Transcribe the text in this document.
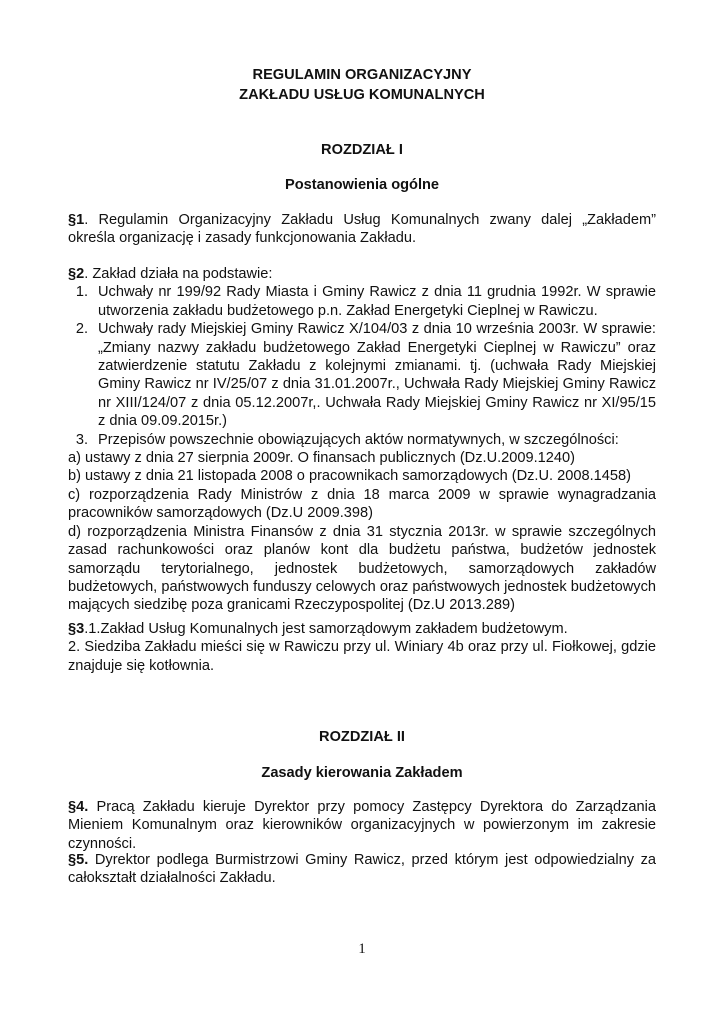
REGULAMIN ORGANIZACYJNY
ZAKŁADU USŁUG KOMUNALNYCH
ROZDZIAŁ I
Postanowienia ogólne
§1. Regulamin Organizacyjny Zakładu Usług Komunalnych zwany dalej „Zakładem” określa organizację i zasady funkcjonowania Zakładu.
§2. Zakład działa na podstawie:
1. Uchwały nr 199/92 Rady Miasta i Gminy Rawicz z dnia 11 grudnia 1992r. W sprawie utworzenia zakładu budżetowego p.n. Zakład Energetyki Cieplnej w Rawiczu.
2. Uchwały rady Miejskiej Gminy Rawicz X/104/03 z dnia 10 września 2003r. W sprawie: „Zmiany nazwy zakładu budżetowego Zakład Energetyki Cieplnej w Rawiczu” oraz zatwierdzenie statutu Zakładu z kolejnymi zmianami. tj. (uchwała Rady Miejskiej Gminy Rawicz nr IV/25/07 z dnia 31.01.2007r., Uchwała Rady Miejskiej Gminy Rawicz nr XIII/124/07 z dnia 05.12.2007r,. Uchwała Rady Miejskiej Gminy Rawicz nr XI/95/15 z dnia 09.09.2015r.)
3. Przepisów powszechnie obowiązujących aktów normatywnych, w szczególności:
a) ustawy z dnia 27 sierpnia 2009r. O finansach publicznych (Dz.U.2009.1240)
b) ustawy z dnia 21 listopada 2008 o pracownikach samorządowych (Dz.U. 2008.1458)
c) rozporządzenia Rady Ministrów z dnia 18 marca 2009 w sprawie wynagradzania pracowników samorządowych (Dz.U 2009.398)
d) rozporządzenia Ministra Finansów z dnia 31 stycznia 2013r. w sprawie szczególnych zasad rachunkowości oraz planów kont dla budżetu państwa, budżetów jednostek samorządu terytorialnego, jednostek budżetowych, samorządowych zakładów budżetowych, państwowych funduszy celowych oraz państwowych jednostek budżetowych mających siedzibę poza granicami Rzeczypospolitej (Dz.U 2013.289)
§3.1.Zakład Usług Komunalnych jest samorządowym zakładem budżetowym.
2. Siedziba Zakładu mieści się w Rawiczu przy ul. Winiary 4b oraz przy ul. Fiołkowej, gdzie znajduje się kotłownia.
ROZDZIAŁ II
Zasady kierowania Zakładem
§4. Pracą Zakładu kieruje Dyrektor przy pomocy Zastępcy Dyrektora do Zarządzania Mieniem Komunalnym oraz kierowników organizacyjnych w powierzonym im zakresie czynności.
§5. Dyrektor podlega Burmistrzowi Gminy Rawicz, przed którym jest odpowiedzialny za całokształt działalności Zakładu.
1
